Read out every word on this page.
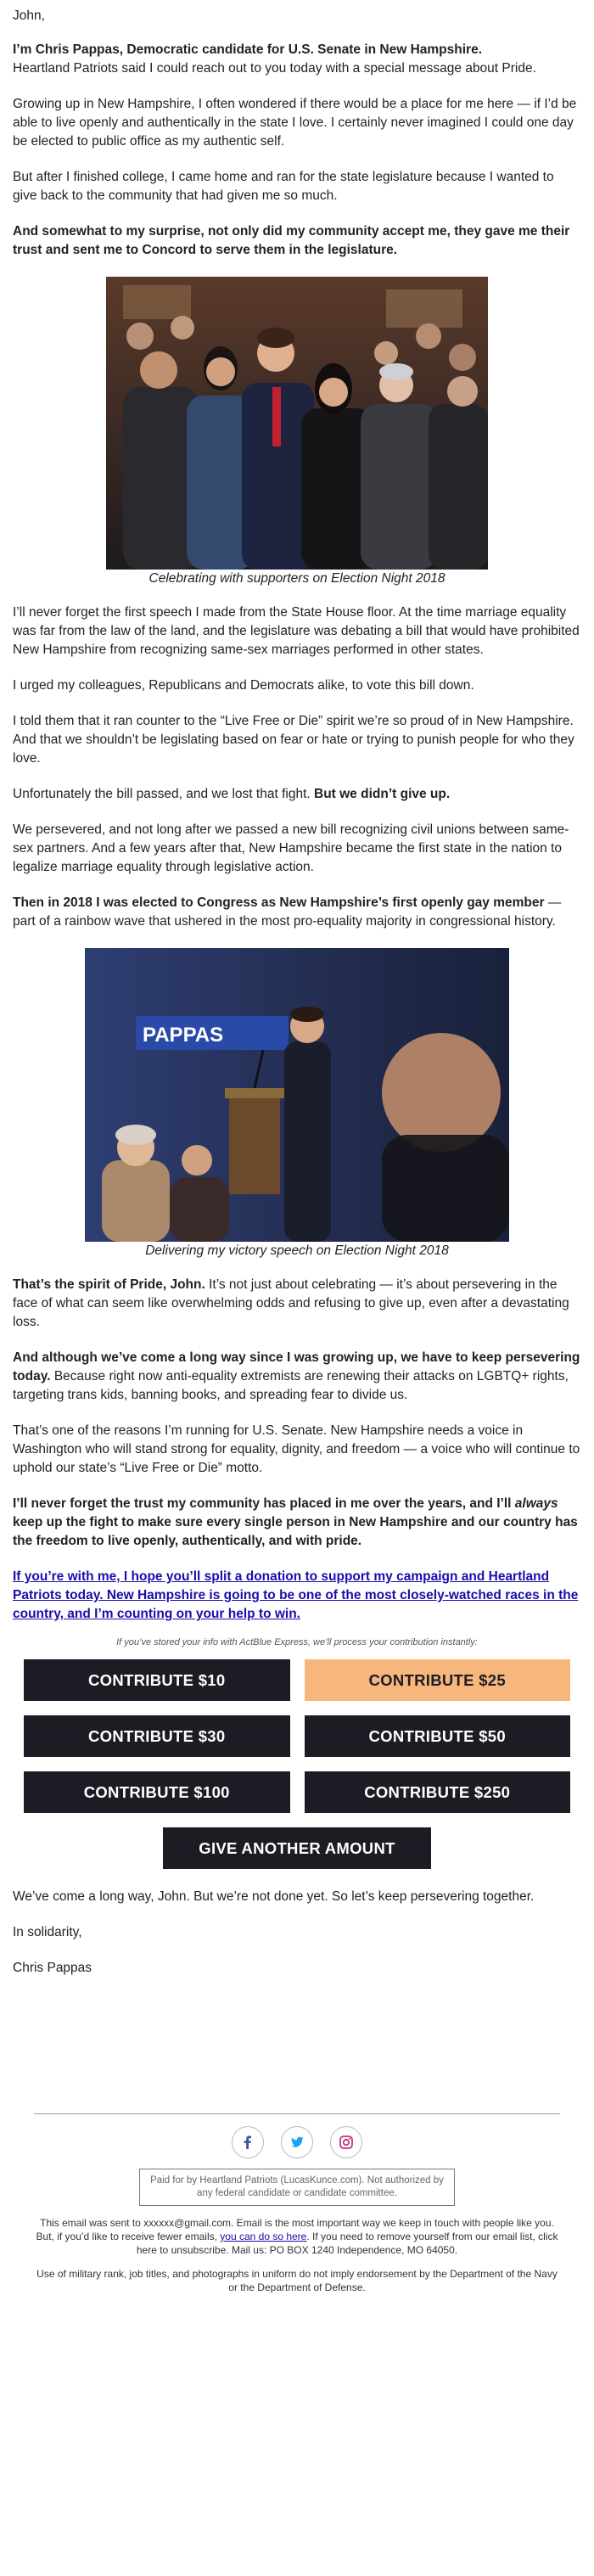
John,

I’m Chris Pappas, Democratic candidate for U.S. Senate in New Hampshire.
Heartland Patriots said I could reach out to you today with a special message about Pride.

Growing up in New Hampshire, I often wondered if there would be a place for me here — if I’d be able to live openly and authentically in the state I love. I certainly never imagined I could one day be elected to public office as my authentic self.

But after I finished college, I came home and ran for the state legislature because I wanted to give back to the community that had given me so much.

And somewhat to my surprise, not only did my community accept me, they gave me their trust and sent me to Concord to serve them in the legislature.

Celebrating with supporters on Election Night 2018

I’ll never forget the first speech I made from the State House floor. At the time marriage equality was far from the law of the land, and the legislature was debating a bill that would have prohibited New Hampshire from recognizing same-sex marriages performed in other states.

I urged my colleagues, Republicans and Democrats alike, to vote this bill down.

I told them that it ran counter to the “Live Free or Die” spirit we’re so proud of in New Hampshire. And that we shouldn’t be legislating based on fear or hate or trying to punish people for who they love.

Unfortunately the bill passed, and we lost that fight. But we didn’t give up.

We persevered, and not long after we passed a new bill recognizing civil unions between same-sex partners. And a few years after that, New Hampshire became the first state in the nation to legalize marriage equality through legislative action.

Then in 2018 I was elected to Congress as New Hampshire’s first openly gay member — part of a rainbow wave that ushered in the most pro-equality majority in congressional history.

PAPPAS
Delivering my victory speech on Election Night 2018

That’s the spirit of Pride, John. It’s not just about celebrating — it’s about persevering in the face of what can seem like overwhelming odds and refusing to give up, even after a devastating loss.

And although we’ve come a long way since I was growing up, we have to keep persevering today. Because right now anti-equality extremists are renewing their attacks on LGBTQ+ rights, targeting trans kids, banning books, and spreading fear to divide us.

That’s one of the reasons I’m running for U.S. Senate. New Hampshire needs a voice in Washington who will stand strong for equality, dignity, and freedom — a voice who will continue to uphold our state’s “Live Free or Die” motto.

I’ll never forget the trust my community has placed in me over the years, and I’ll always keep up the fight to make sure every single person in New Hampshire and our country has the freedom to live openly, authentically, and with pride.

If you’re with me, I hope you’ll split a donation to support my campaign and Heartland Patriots today. New Hampshire is going to be one of the most closely-watched races in the country, and I’m counting on your help to win.

If you’ve stored your info with ActBlue Express, we’ll process your contribution instantly:
CONTRIBUTE $10	CONTRIBUTE $25
CONTRIBUTE $30	CONTRIBUTE $50
CONTRIBUTE $100	CONTRIBUTE $250
GIVE ANOTHER AMOUNT

We’ve come a long way, John. But we’re not done yet. So let’s keep persevering together.

In solidarity,

Chris Pappas

Paid for by Heartland Patriots (LucasKunce.com). Not authorized by any federal candidate or candidate committee.

This email was sent to xxxxxx@gmail.com. Email is the most important way we keep in touch with people like you. But, if you’d like to receive fewer emails, you can do so here. If you need to remove yourself from our email list, click here to unsubscribe. Mail us: PO BOX 1240 Independence, MO 64050.

Use of military rank, job titles, and photographs in uniform do not imply endorsement by the Department of the Navy or the Department of Defense.
